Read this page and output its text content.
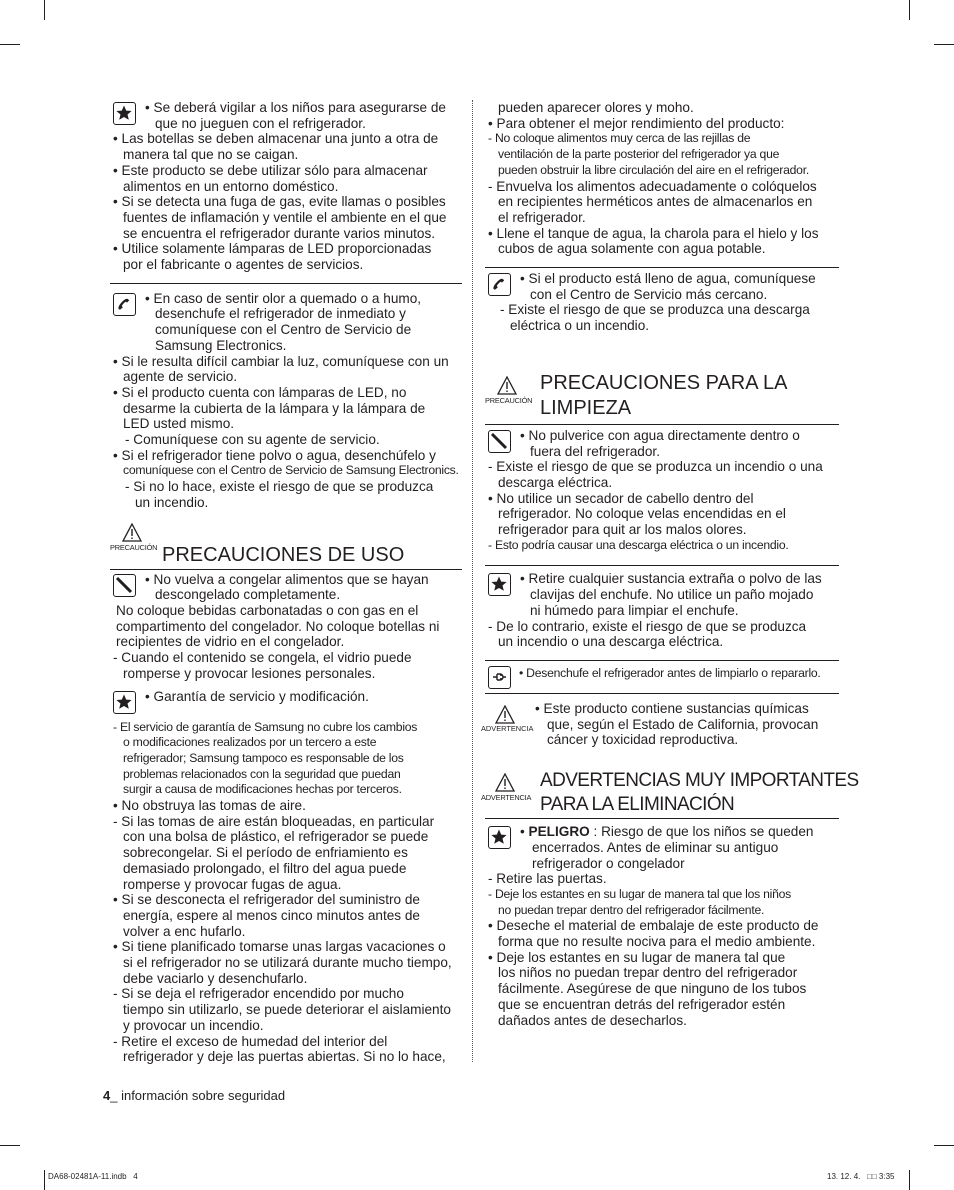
• Se deberá vigilar a los niños para asegurarse de
que no jueguen con el refrigerador.
• Las botellas se deben almacenar una junto a otra de
manera tal que no se caigan.
• Este producto se debe utilizar sólo para almacenar
alimentos en un entorno doméstico.
• Si se detecta una fuga de gas, evite llamas o posibles
fuentes de inflamación y ventile el ambiente en el que
se encuentra el refrigerador durante varios minutos.
• Utilice solamente lámparas de LED proporcionadas
por el fabricante o agentes de servicios.
• En caso de sentir olor a quemado o a humo,
desenchufe el refrigerador de inmediato y
comuníquese con el Centro de Servicio de
Samsung Electronics.
• Si le resulta difícil cambiar la luz, comuníquese con un
agente de servicio.
• Si el producto cuenta con lámparas de LED, no
desarme la cubierta de la lámpara y la lámpara de
LED usted mismo.
- Comuníquese con su agente de servicio.
• Si el refrigerador tiene polvo o agua, desenchúfelo y
comuníquese con el Centro de Servicio de Samsung Electronics.
- Si no lo hace, existe el riesgo de que se produzca
un incendio.
PRECAUCIÓN PRECAUCIONES DE USO
• No vuelva a congelar alimentos que se hayan
descongelado completamente.
No coloque bebidas carbonatadas o con gas en el
compartimento del congelador. No coloque botellas ni
recipientes de vidrio en el congelador.
- Cuando el contenido se congela, el vidrio puede
romperse y provocar lesiones personales.
• Garantía de servicio y modificación.
- El servicio de garantía de Samsung no cubre los cambios
o modificaciones realizados por un tercero a este
refrigerador; Samsung tampoco es responsable de los
problemas relacionados con la seguridad que puedan
surgir a causa de modificaciones hechas por terceros.
• No obstruya las tomas de aire.
- Si las tomas de aire están bloqueadas, en particular
con una bolsa de plástico, el refrigerador se puede
sobrecongelar. Si el período de enfriamiento es
demasiado prolongado, el filtro del agua puede
romperse y provocar fugas de agua.
• Si se desconecta el refrigerador del suministro de
energía, espere al menos cinco minutos antes de
volver a enc hufarlo.
• Si tiene planificado tomarse unas largas vacaciones o
si el refrigerador no se utilizará durante mucho tiempo,
debe vaciarlo y desenchufarlo.
- Si se deja el refrigerador encendido por mucho
tiempo sin utilizarlo, se puede deteriorar el aislamiento
y provocar un incendio.
- Retire el exceso de humedad del interior del
refrigerador y deje las puertas abiertas. Si no lo hace,
pueden aparecer olores y moho.
• Para obtener el mejor rendimiento del producto:
- No coloque alimentos muy cerca de las rejillas de
ventilación de la parte posterior del refrigerador ya que
pueden obstruir la libre circulación del aire en el refrigerador.
- Envuelva los alimentos adecuadamente o colóquelos
en recipientes herméticos antes de almacenarlos en
el refrigerador.
• Llene el tanque de agua, la charola para el hielo y los
cubos de agua solamente con agua potable.
• Si el producto está lleno de agua, comuníquese
con el Centro de Servicio más cercano.
- Existe el riesgo de que se produzca una descarga
eléctrica o un incendio.
PRECAUCIÓN
PRECAUCIONES PARA LA
LIMPIEZA
• No pulverice con agua directamente dentro o
fuera del refrigerador.
- Existe el riesgo de que se produzca un incendio o una
descarga eléctrica.
• No utilice un secador de cabello dentro del
refrigerador. No coloque velas encendidas en el
refrigerador para quit ar los malos olores.
- Esto podría causar una descarga eléctrica o un incendio.
• Retire cualquier sustancia extraña o polvo de las
clavijas del enchufe. No utilice un paño mojado
ni húmedo para limpiar el enchufe.
- De lo contrario, existe el riesgo de que se produzca
un incendio o una descarga eléctrica.
• Desenchufe el refrigerador antes de limpiarlo o repararlo.
ADVERTENCIA
• Este producto contiene sustancias químicas
que, según el Estado de California, provocan
cáncer y toxicidad reproductiva.
ADVERTENCIA
ADVERTENCIAS MUY IMPORTANTES
PARA LA ELIMINACIÓN
• PELIGRO : Riesgo de que los niños se queden
encerrados. Antes de eliminar su antiguo
refrigerador o congelador
- Retire las puertas.
- Deje los estantes en su lugar de manera tal que los niños
no puedan trepar dentro del refrigerador fácilmente.
• Deseche el material de embalaje de este producto de
forma que no resulte nociva para el medio ambiente.
• Deje los estantes en su lugar de manera tal que
los niños no puedan trepar dentro del refrigerador
fácilmente. Asegúrese de que ninguno de los tubos
que se encuentran detrás del refrigerador estén
dañados antes de desecharlos.
4_ información sobre seguridad
DA68-02481A-11.indb   4	13. 12. 4.   □□ 3:35
